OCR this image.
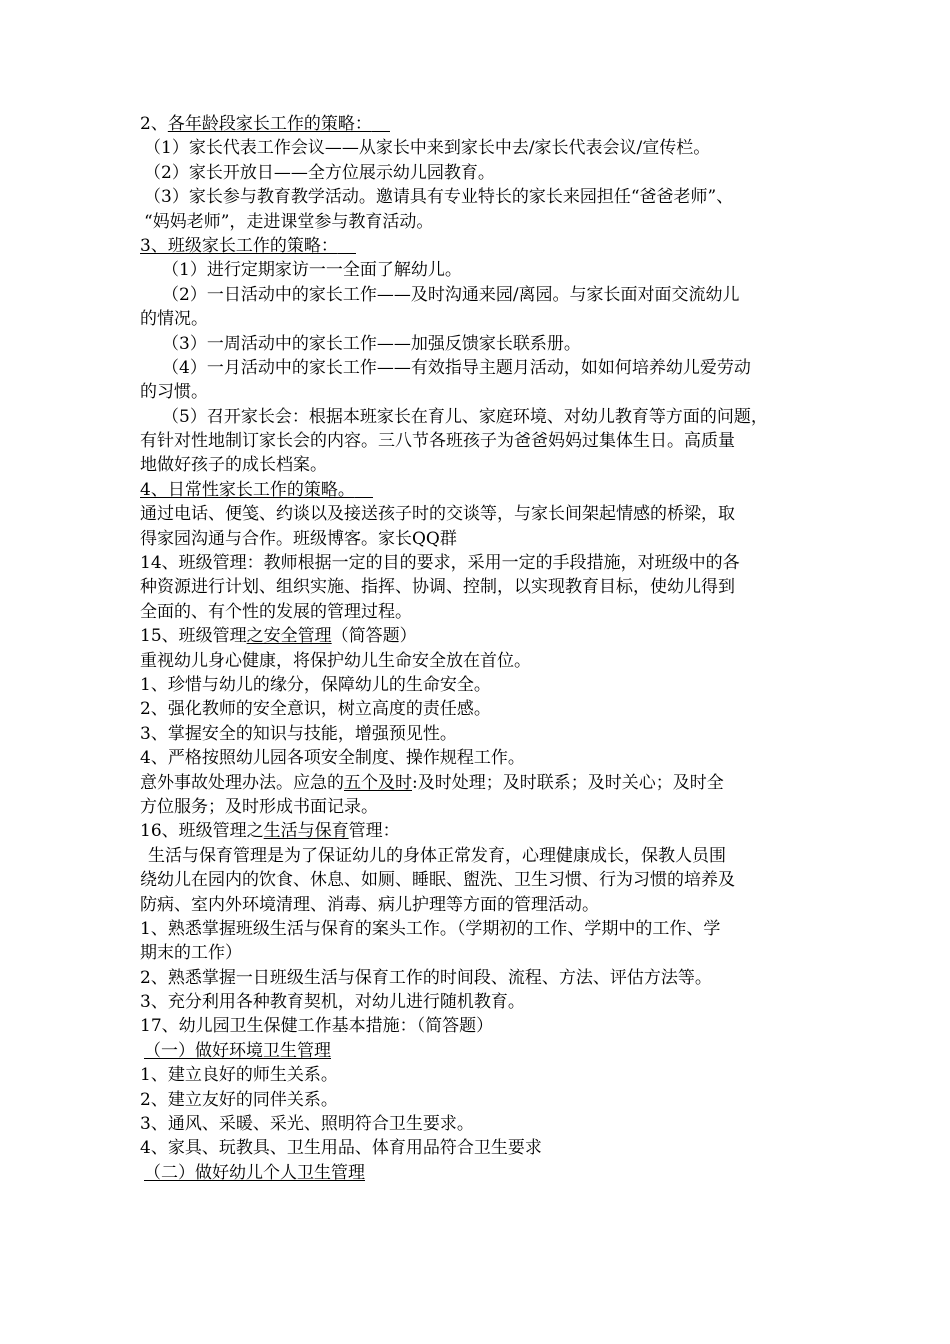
2、各年龄段家长工作的策略：
（1）家长代表工作会议——从家长中来到家长中去/家长代表会议/宣传栏。
（2）家长开放日——全方位展示幼儿园教育。
（3）家长参与教育教学活动。邀请具有专业特长的家长来园担任“爸爸老师”、
“妈妈老师”，走进课堂参与教育活动。
3、班级家长工作的策略：
（1）进行定期家访一一全面了解幼儿。
（2）一日活动中的家长工作——及时沟通来园/离园。与家长面对面交流幼儿
的情况。
（3）一周活动中的家长工作——加强反馈家长联系册。
（4）一月活动中的家长工作——有效指导主题月活动，如如何培养幼儿爱劳动
的习惯。
（5）召开家长会：根据本班家长在育儿、家庭环境、对幼儿教育等方面的问题，
有针对性地制订家长会的内容。三八节各班孩子为爸爸妈妈过集体生日。高质量
地做好孩子的成长档案。
4、日常性家长工作的策略。
通过电话、便笺、约谈以及接送孩子时的交谈等，与家长间架起情感的桥梁，取
得家园沟通与合作。班级博客。家长QQ群
14、班级管理：教师根据一定的目的要求，采用一定的手段措施，对班级中的各
种资源进行计划、组织实施、指挥、协调、控制，以实现教育目标，使幼儿得到
全面的、有个性的发展的管理过程。
15、班级管理之安全管理（简答题）
重视幼儿身心健康，将保护幼儿生命安全放在首位。
1、珍惜与幼儿的缘分，保障幼儿的生命安全。
2、强化教师的安全意识，树立高度的责任感。
3、掌握安全的知识与技能，增强预见性。
4、严格按照幼儿园各项安全制度、操作规程工作。
意外事故处理办法。应急的五个及时:及时处理；及时联系；及时关心；及时全
方位服务；及时形成书面记录。
16、班级管理之生活与保育管理：
生活与保育管理是为了保证幼儿的身体正常发育，心理健康成长，保教人员围
绕幼儿在园内的饮食、休息、如厕、睡眠、盥洗、卫生习惯、行为习惯的培养及
防病、室内外环境清理、消毒、病儿护理等方面的管理活动。
1、熟悉掌握班级生活与保育的案头工作。（学期初的工作、学期中的工作、学
期末的工作）
2、熟悉掌握一日班级生活与保育工作的时间段、流程、方法、评估方法等。
3、充分利用各种教育契机，对幼儿进行随机教育。
17、幼儿园卫生保健工作基本措施：（简答题）
（一）做好环境卫生管理
1、建立良好的师生关系。
2、建立友好的同伴关系。
3、通风、采暖、采光、照明符合卫生要求。
4、家具、玩教具、卫生用品、体育用品符合卫生要求
（二）做好幼儿个人卫生管理
